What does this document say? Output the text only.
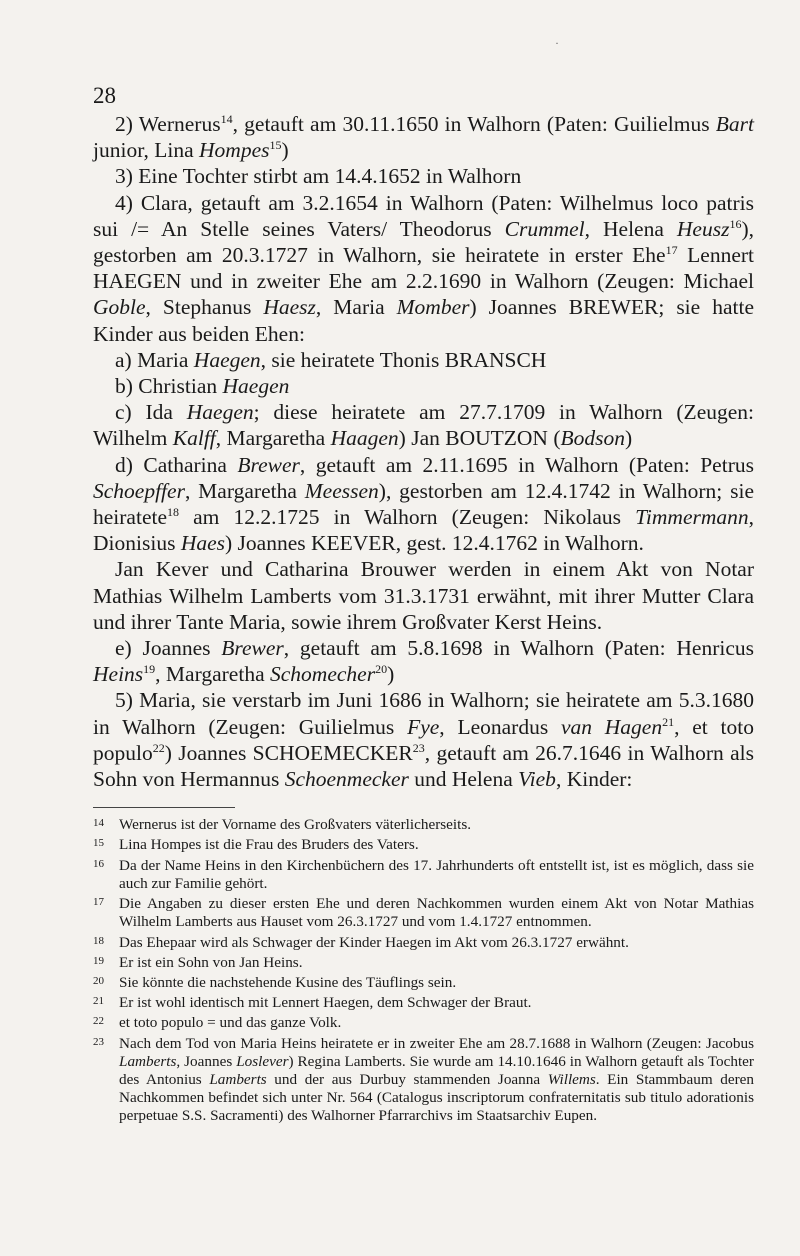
·
28

2) Wernerus$^{14}$, getauft am 30.11.1650 in Walhorn (Paten: Guilielmus Bart junior, Lina Hompes$^{15}$)

3) Eine Tochter stirbt am 14.4.1652 in Walhorn

4) Clara, getauft am 3.2.1654 in Walhorn (Paten: Wilhelmus loco patris sui /= An Stelle seines Vaters/ Theodorus Crummel, Helena Heusz$^{16}$), gestorben am 20.3.1727 in Walhorn, sie heiratete in erster Ehe$^{17}$ Lennert HAEGEN und in zweiter Ehe am 2.2.1690 in Walhorn (Zeugen: Michael Goble, Stephanus Haesz, Maria Momber) Joannes BREWER; sie hatte Kinder aus beiden Ehen:

a) Maria Haegen, sie heiratete Thonis BRANSCH

b) Christian Haegen

c) Ida Haegen; diese heiratete am 27.7.1709 in Walhorn (Zeugen: Wilhelm Kalff, Margaretha Haagen) Jan BOUTZON (Bodson)

d) Catharina Brewer, getauft am 2.11.1695 in Walhorn (Paten: Petrus Schoepffer, Margaretha Meessen), gestorben am 12.4.1742 in Walhorn; sie heiratete$^{18}$ am 12.2.1725 in Walhorn (Zeugen: Nikolaus Timmermann, Dionisius Haes) Joannes KEEVER, gest. 12.4.1762 in Walhorn.

Jan Kever und Catharina Brouwer werden in einem Akt von Notar Mathias Wilhelm Lamberts vom 31.3.1731 erwähnt, mit ihrer Mutter Clara und ihrer Tante Maria, sowie ihrem Großvater Kerst Heins.

e) Joannes Brewer, getauft am 5.8.1698 in Walhorn (Paten: Henricus Heins$^{19}$, Margaretha Schomecher$^{20}$)

5) Maria, sie verstarb im Juni 1686 in Walhorn; sie heiratete am 5.3.1680 in Walhorn (Zeugen: Guilielmus Fye, Leonardus van Hagen$^{21}$, et toto populo$^{22}$) Joannes SCHOEMECKER$^{23}$, getauft am 26.7.1646 in Walhorn als Sohn von Hermannus Schoenmecker und Helena Vieb, Kinder:

14 Wernerus ist der Vorname des Großvaters väterlicherseits.
15 Lina Hompes ist die Frau des Bruders des Vaters.
16 Da der Name Heins in den Kirchenbüchern des 17. Jahrhunderts oft entstellt ist, ist es möglich, dass sie auch zur Familie gehört.
17 Die Angaben zu dieser ersten Ehe und deren Nachkommen wurden einem Akt von Notar Mathias Wilhelm Lamberts aus Hauset vom 26.3.1727 und vom 1.4.1727 entnommen.
18 Das Ehepaar wird als Schwager der Kinder Haegen im Akt vom 26.3.1727 erwähnt.
19 Er ist ein Sohn von Jan Heins.
20 Sie könnte die nachstehende Kusine des Täuflings sein.
21 Er ist wohl identisch mit Lennert Haegen, dem Schwager der Braut.
22 et toto populo = und das ganze Volk.
23 Nach dem Tod von Maria Heins heiratete er in zweiter Ehe am 28.7.1688 in Walhorn (Zeugen: Jacobus Lamberts, Joannes Loslever) Regina Lamberts. Sie wurde am 14.10.1646 in Walhorn getauft als Tochter des Antonius Lamberts und der aus Durbuy stammenden Joanna Willems. Ein Stammbaum deren Nachkommen befindet sich unter Nr. 564 (Catalogus inscriptorum confraternitatis sub titulo adorationis perpetuae S.S. Sacramenti) des Walhorner Pfarrarchivs im Staatsarchiv Eupen.
